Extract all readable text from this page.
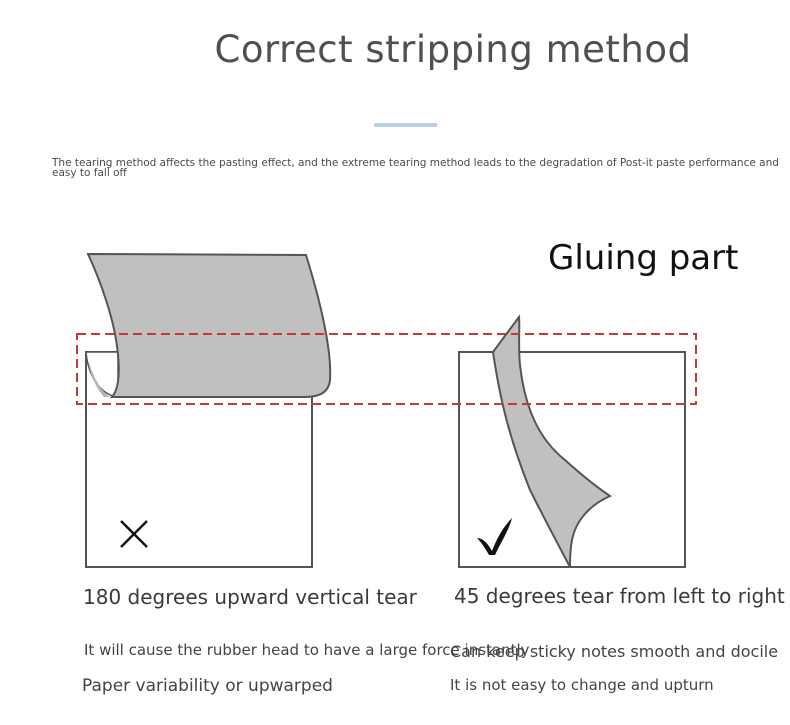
Correct stripping method
The tearing method affects the pasting effect, and the extreme tearing method leads to the degradation of Post-it paste performance and easy to fall off
Gluing part
180 degrees upward vertical tear 45 degrees tear from left to right
It will cause the rubber head to have a large force instantly
Can keep sticky notes smooth and docile
Paper variability or upwarped	It is not easy to change and upturn
